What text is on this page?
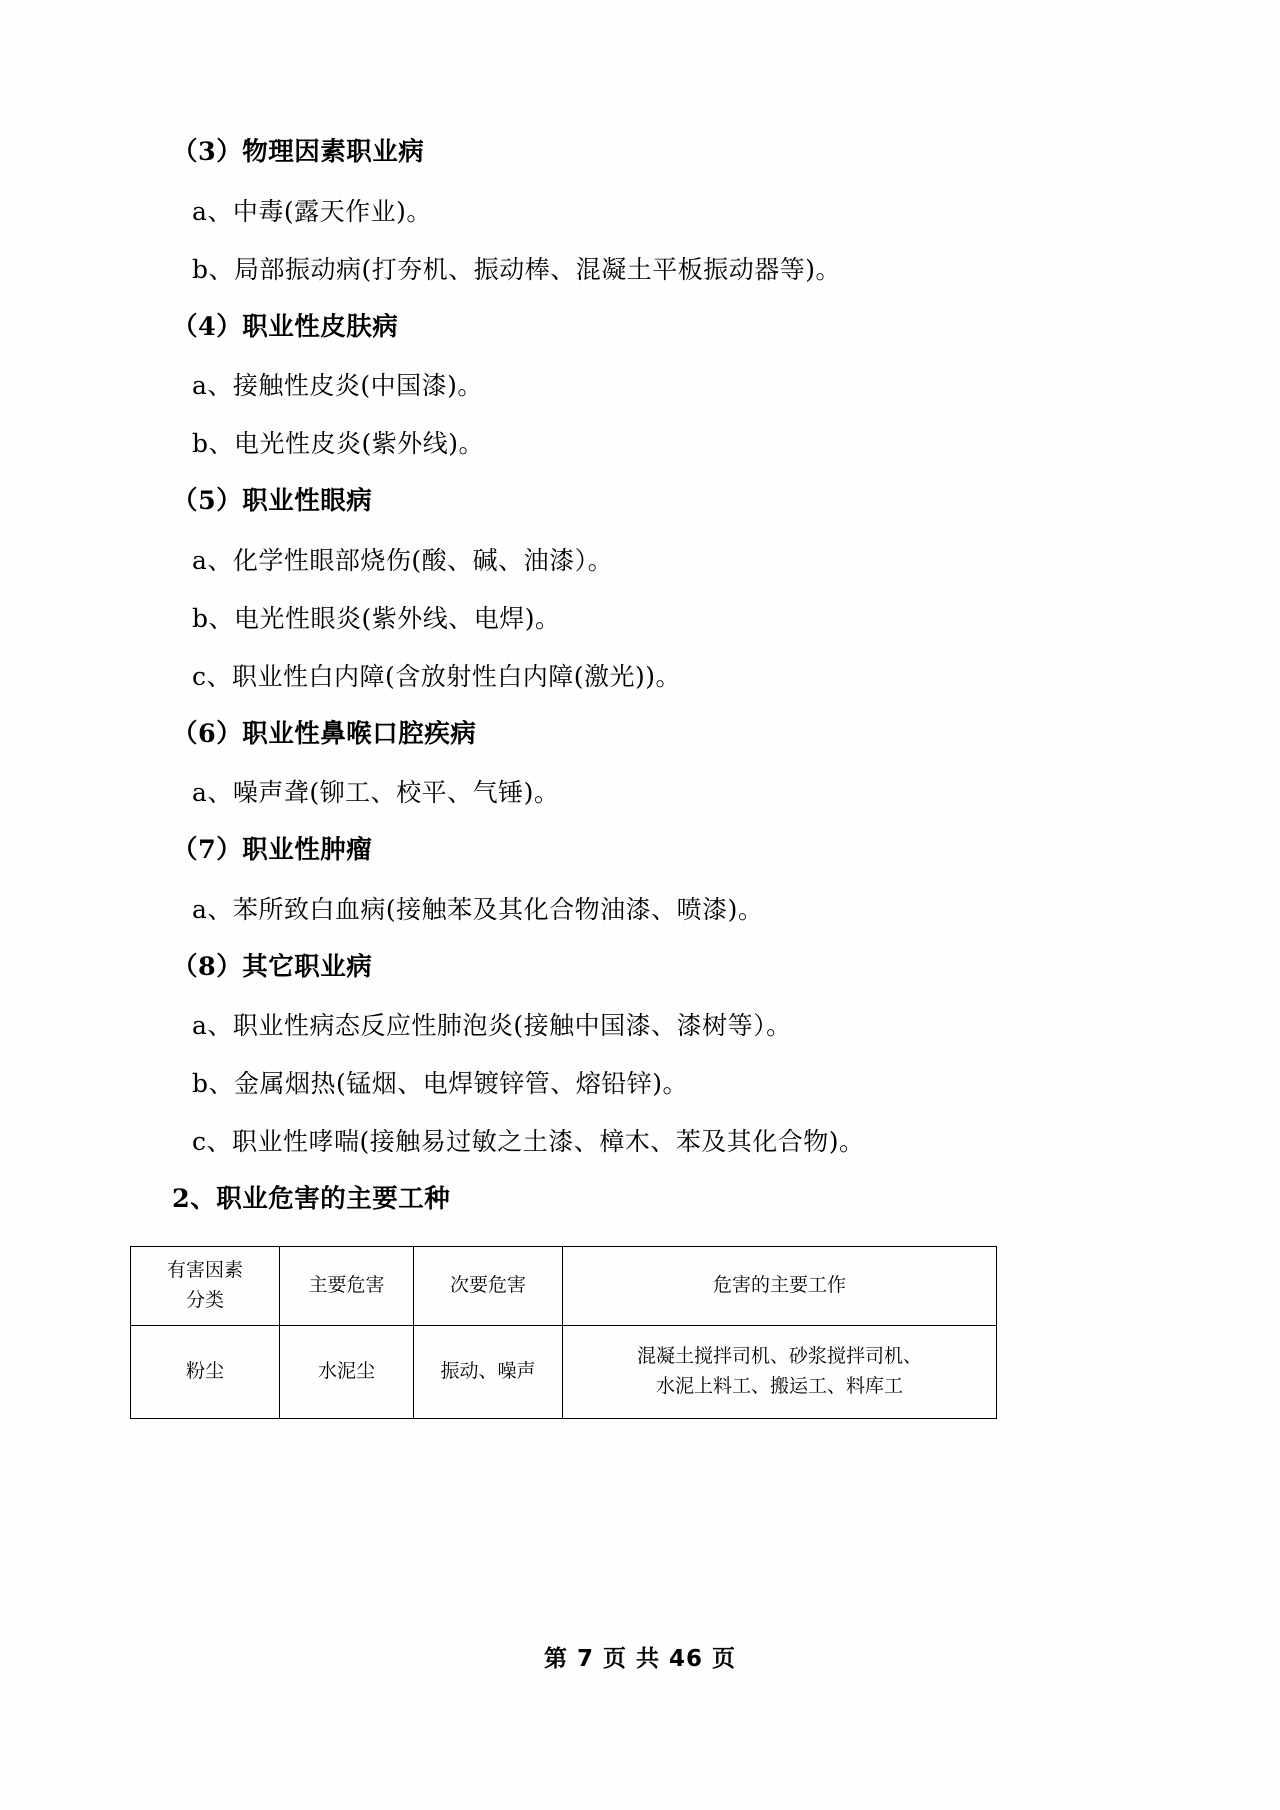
（3）物理因素职业病

a、中毒(露天作业)。

b、局部振动病(打夯机、振动棒、混凝土平板振动器等)。

（4）职业性皮肤病

a、接触性皮炎(中国漆)。

b、电光性皮炎(紫外线)。

（5）职业性眼病

a、化学性眼部烧伤(酸、碱、油漆）。

b、电光性眼炎(紫外线、电焊)。

c、职业性白内障(含放射性白内障(激光))。

（6）职业性鼻喉口腔疾病

a、噪声聋(铆工、校平、气锤)。

（7）职业性肿瘤

a、苯所致白血病(接触苯及其化合物油漆、喷漆)。

（8）其它职业病

a、职业性病态反应性肺泡炎(接触中国漆、漆树等）。

b、金属烟热(锰烟、电焊镀锌管、熔铅锌)。

c、职业性哮喘(接触易过敏之土漆、樟木、苯及其化合物)。

2、职业危害的主要工种

有害因素
分类	主要危害	次要危害	危害的主要工作
粉尘	水泥尘	振动、噪声	混凝土搅拌司机、砂浆搅拌司机、
水泥上料工、搬运工、料库工
第 7 页 共 46 页
